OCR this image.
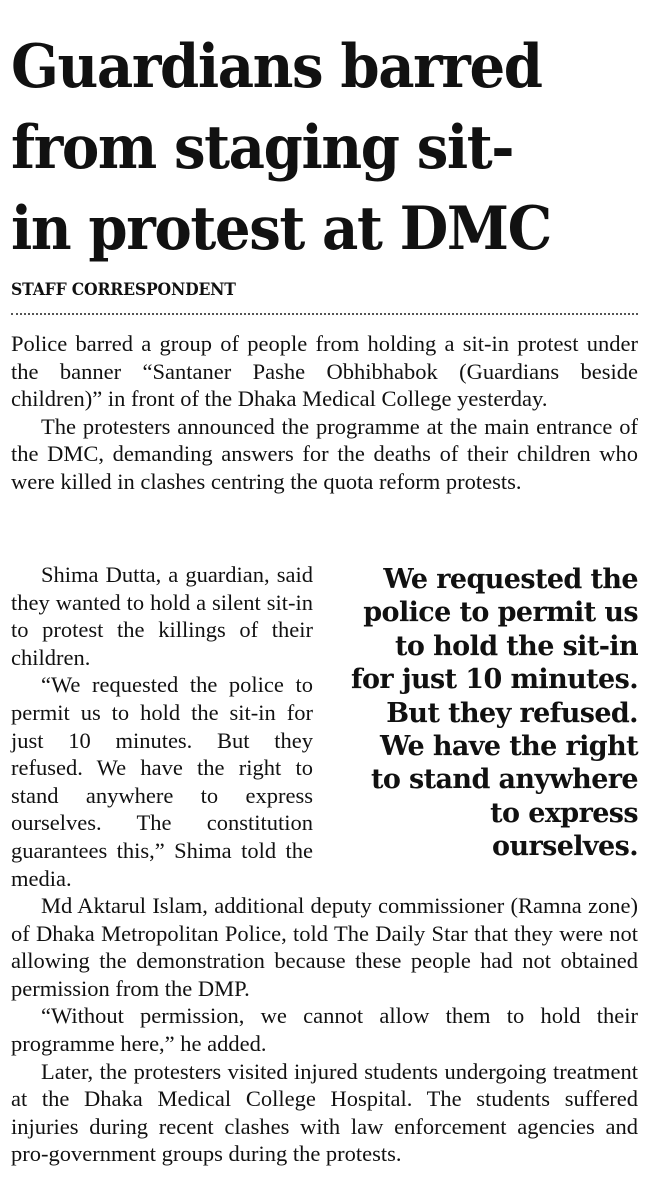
Guardians barred
from staging sit-
in protest at DMC
STAFF CORRESPONDENT

Police barred a group of people from holding a sit-in protest under the banner “Santaner Pashe Obhibhabok (Guardians beside children)” in front of the Dhaka Medical College yesterday.

The protesters announced the programme at the main entrance of the DMC, demanding answers for the deaths of their children who were killed in clashes centring the quota reform protests.

Shima Dutta, a guardian, said they wanted to hold a silent sit-in to protest the killings of their children.

“We requested the police to permit us to hold the sit-in for just 10 minutes. But they refused. We have the right to stand anywhere to express ourselves. The constitution guarantees this,” Shima told the media.

We requested the
police to permit us
to hold the sit-in
for just 10 minutes.
But they refused.
We have the right
to stand anywhere
to express
ourselves.

Md Aktarul Islam, additional deputy commissioner (Ramna zone) of Dhaka Metropolitan Police, told The Daily Star that they were not allowing the demonstration because these people had not obtained permission from the DMP.

“Without permission, we cannot allow them to hold their programme here,” he added.

Later, the protesters visited injured students undergoing treatment at the Dhaka Medical College Hospital. The students suffered injuries during recent clashes with law enforcement agencies and pro-government groups during the protests.
